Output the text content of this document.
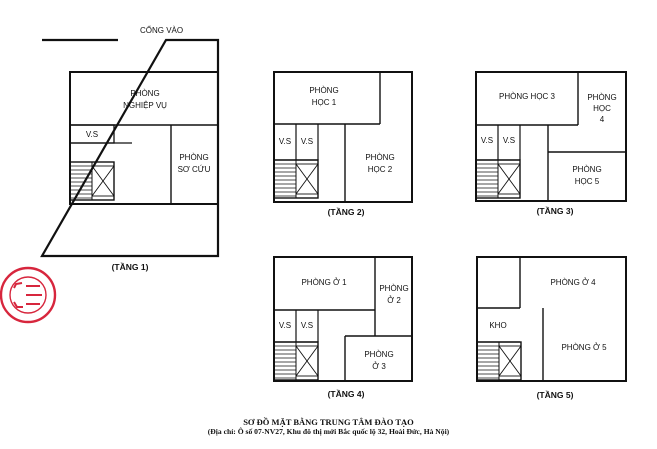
CỔNG VÀO
PHÒNG
NGHIỆP VỤ
V.S
PHÒNG
SƠ CỨU
(TẦNG 1)
PHÒNG
HỌC 1
V.S V.S
PHÒNG
HỌC 2
(TẦNG 2)
PHÒNG HỌC 3	PHÒNG
HỌC
4
V.S V.S
PHÒNG
HỌC 5
(TẦNG 3)
PHÒNG Ở 1
PHÒNG
Ở 2
V.S V.S
PHÒNG
Ở 3
(TẦNG 4)
PHÒNG Ở 4
KHO
PHÒNG Ở 5
(TẦNG 5)
SƠ ĐỒ MẶT BẰNG TRUNG TÂM ĐÀO TẠO
(Địa chỉ: Ô số 07-NV27, Khu đô thị mới Bắc quốc lộ 32, Hoài Đức, Hà Nội)
